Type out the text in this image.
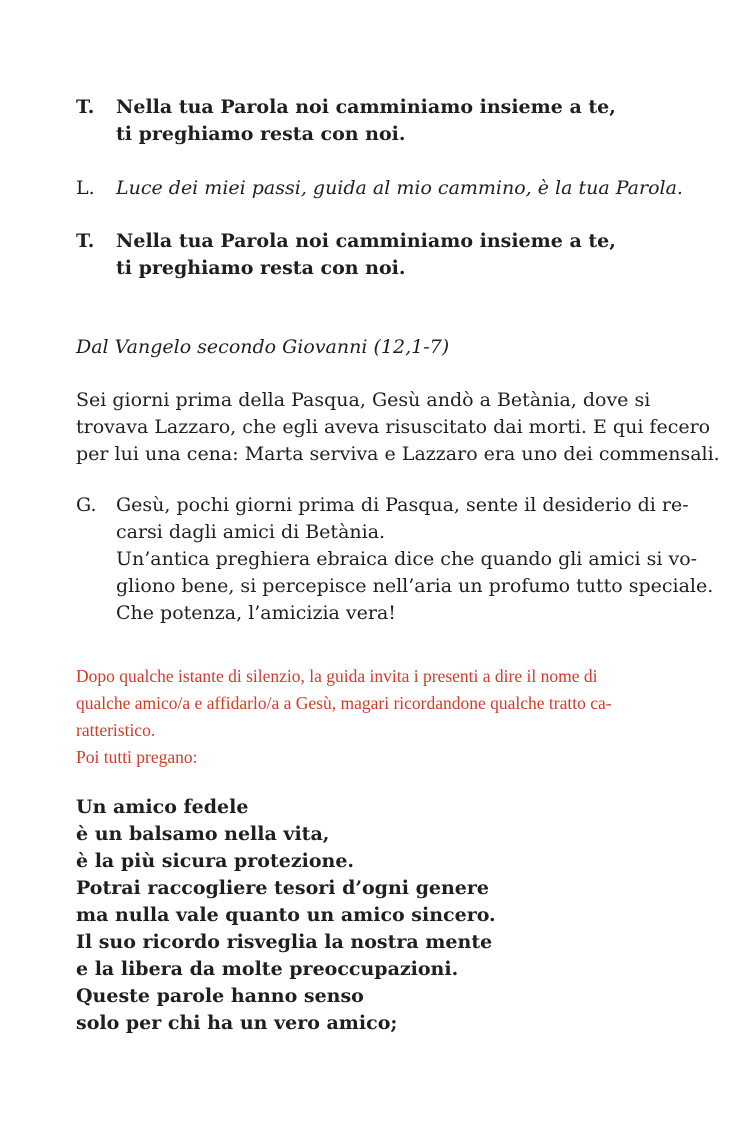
T.	Nella tua Parola noi camminiamo insieme a te,
ti preghiamo resta con noi.
L.	Luce dei miei passi, guida al mio cammino, è la tua Parola.
T.	Nella tua Parola noi camminiamo insieme a te,
ti preghiamo resta con noi.
Dal Vangelo secondo Giovanni (12,1-7)
Sei giorni prima della Pasqua, Gesù andò a Betània, dove si
trovava Lazzaro, che egli aveva risuscitato dai morti. E qui fecero
per lui una cena: Marta serviva e Lazzaro era uno dei commensali.
G.	Gesù, pochi giorni prima di Pasqua, sente il desiderio di re-
carsi dagli amici di Betània.
Un’antica preghiera ebraica dice che quando gli amici si vo-
gliono bene, si percepisce nell’aria un profumo tutto speciale.
Che potenza, l’amicizia vera!
Dopo qualche istante di silenzio, la guida invita i presenti a dire il nome di
qualche amico/a e affidarlo/a a Gesù, magari ricordandone qualche tratto ca-
ratteristico.
Poi tutti pregano:
Un amico fedele
è un balsamo nella vita,
è la più sicura protezione.
Potrai raccogliere tesori d’ogni genere
ma nulla vale quanto un amico sincero.
Il suo ricordo risveglia la nostra mente
e la libera da molte preoccupazioni.
Queste parole hanno senso
solo per chi ha un vero amico;
